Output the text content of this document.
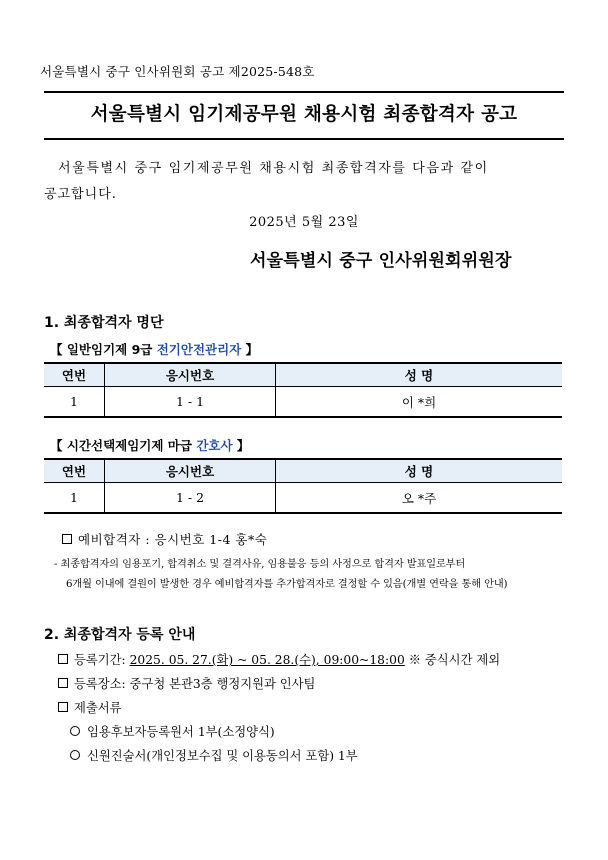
서울특별시 중구 인사위원회 공고 제2025-548호
서울특별시 임기제공무원 채용시험 최종합격자 공고
서울특별시 중구 임기제공무원 채용시험 최종합격자를 다음과 같이
공고합니다.
2025년 5월 23일
서울특별시 중구 인사위원회위원장
1. 최종합격자 명단
【 일반임기제 9급 전기안전관리자 】
연번	응시번호	성 명
1	1 - 1	이 *희
【 시간선택제임기제 마급 간호사 】
연번	응시번호	성 명
1	1 - 2	오 *주
예비합격자 : 응시번호 1-4 홍*숙
- 최종합격자의 임용포기, 합격취소 및 결격사유, 임용불응 등의 사정으로 합격자 발표일로부터
6개월 이내에 결원이 발생한 경우 예비합격자를 추가합격자로 결정할 수 있음(개별 연락을 통해 안내)
2. 최종합격자 등록 안내
등록기간: 2025. 05. 27.(화) ~ 05. 28.(수), 09:00~18:00 ※ 중식시간 제외
등록장소: 중구청 본관3층 행정지원과 인사팀
제출서류
임용후보자등록원서 1부(소정양식)
신원진술서(개인정보수집 및 이용동의서 포함) 1부
